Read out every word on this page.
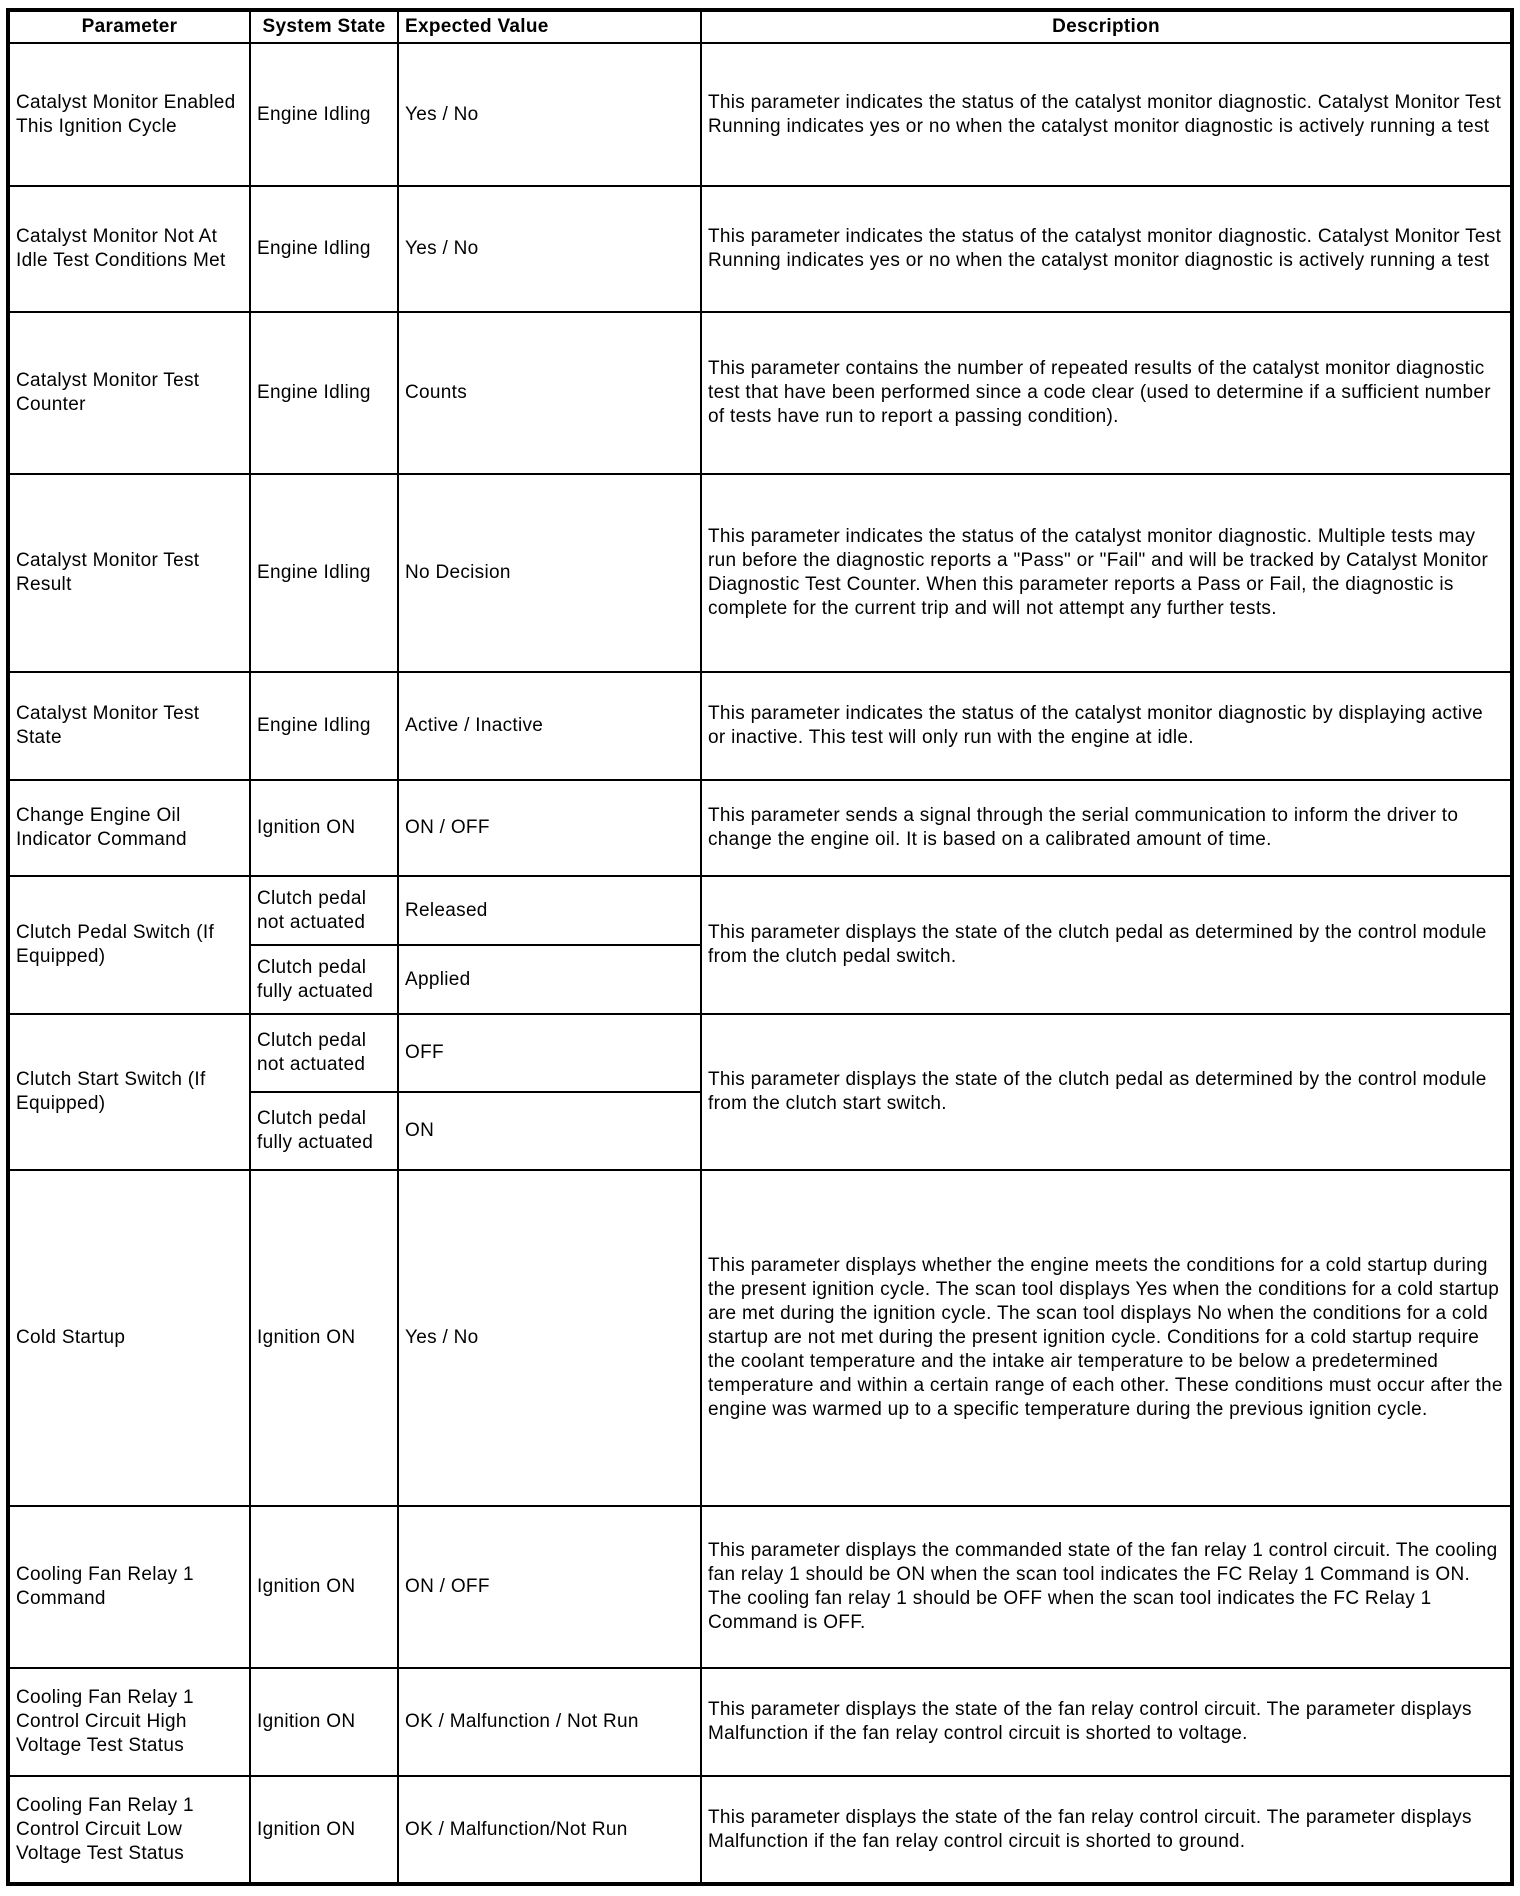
Parameter	System State	Expected Value	Description
Catalyst Monitor Enabled This Ignition Cycle	Engine Idling	Yes / No	This parameter indicates the status of the catalyst monitor diagnostic. Catalyst Monitor Test Running indicates yes or no when the catalyst monitor diagnostic is actively running a test
Catalyst Monitor Not At Idle Test Conditions Met	Engine Idling	Yes / No	This parameter indicates the status of the catalyst monitor diagnostic. Catalyst Monitor Test Running indicates yes or no when the catalyst monitor diagnostic is actively running a test
Catalyst Monitor Test Counter	Engine Idling	Counts	This parameter contains the number of repeated results of the catalyst monitor diagnostic test that have been performed since a code clear (used to determine if a sufficient number of tests have run to report a passing condition).
Catalyst Monitor Test Result	Engine Idling	No Decision	This parameter indicates the status of the catalyst monitor diagnostic. Multiple tests may run before the diagnostic reports a "Pass" or "Fail" and will be tracked by Catalyst Monitor Diagnostic Test Counter. When this parameter reports a Pass or Fail, the diagnostic is complete for the current trip and will not attempt any further tests.
Catalyst Monitor Test State	Engine Idling	Active / Inactive	This parameter indicates the status of the catalyst monitor diagnostic by displaying active or inactive. This test will only run with the engine at idle.
Change Engine Oil Indicator Command	Ignition ON	ON / OFF	This parameter sends a signal through the serial communication to inform the driver to change the engine oil. It is based on a calibrated amount of time.
Clutch Pedal Switch (If Equipped)	Clutch pedal not actuated	Released	This parameter displays the state of the clutch pedal as determined by the control module from the clutch pedal switch.
	Clutch pedal fully actuated	Applied	
Clutch Start Switch (If Equipped)	Clutch pedal not actuated	OFF	This parameter displays the state of the clutch pedal as determined by the control module from the clutch start switch.
	Clutch pedal fully actuated	ON	
Cold Startup	Ignition ON	Yes / No	This parameter displays whether the engine meets the conditions for a cold startup during the present ignition cycle. The scan tool displays Yes when the conditions for a cold startup are met during the ignition cycle. The scan tool displays No when the conditions for a cold startup are not met during the present ignition cycle. Conditions for a cold startup require the coolant temperature and the intake air temperature to be below a predetermined temperature and within a certain range of each other. These conditions must occur after the engine was warmed up to a specific temperature during the previous ignition cycle.
Cooling Fan Relay 1 Command	Ignition ON	ON / OFF	This parameter displays the commanded state of the fan relay 1 control circuit. The cooling fan relay 1 should be ON when the scan tool indicates the FC Relay 1 Command is ON. The cooling fan relay 1 should be OFF when the scan tool indicates the FC Relay 1 Command is OFF.
Cooling Fan Relay 1 Control Circuit High Voltage Test Status	Ignition ON	OK / Malfunction / Not Run	This parameter displays the state of the fan relay control circuit. The parameter displays Malfunction if the fan relay control circuit is shorted to voltage.
Cooling Fan Relay 1 Control Circuit Low Voltage Test Status	Ignition ON	OK / Malfunction/Not Run	This parameter displays the state of the fan relay control circuit. The parameter displays Malfunction if the fan relay control circuit is shorted to ground.
